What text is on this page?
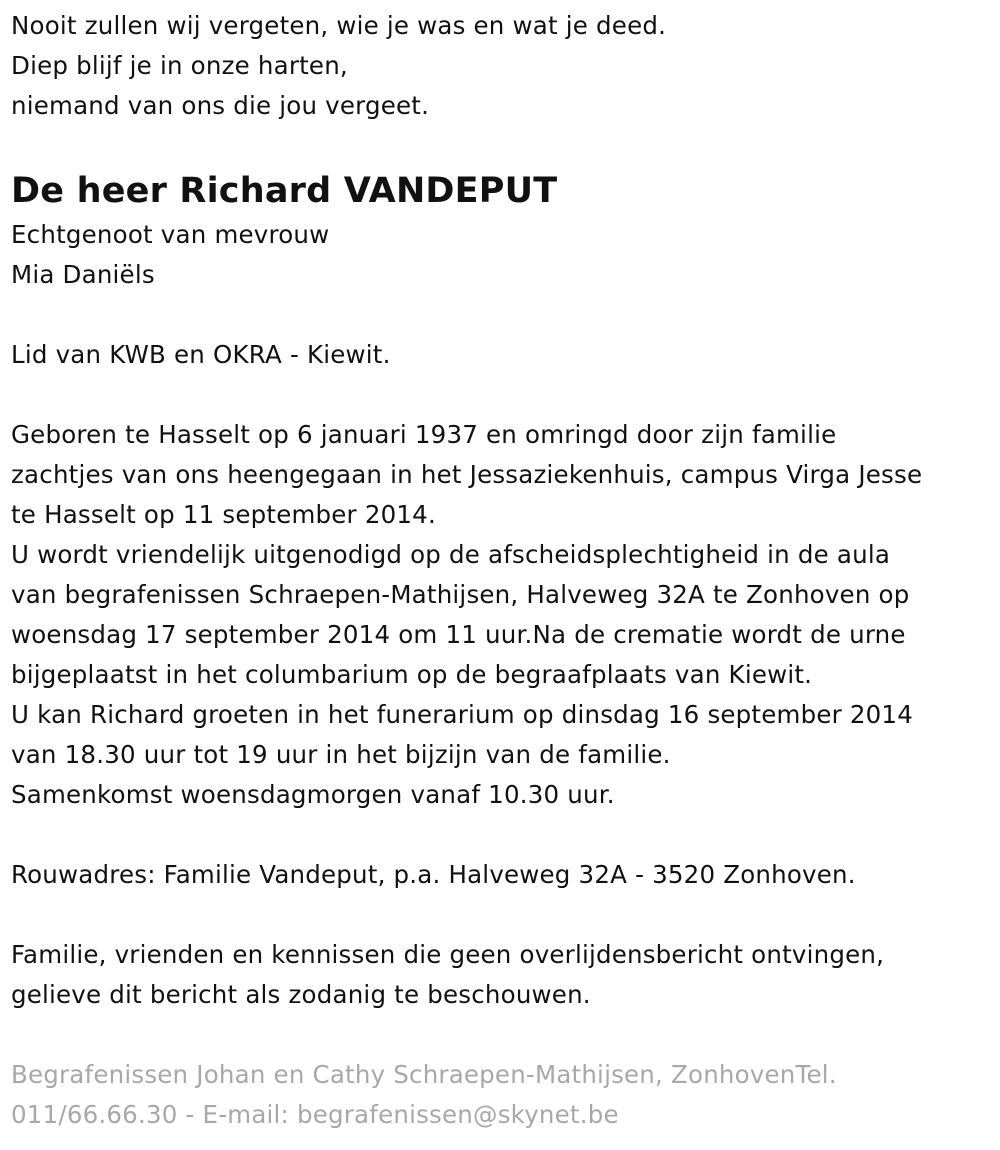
Nooit zullen wij vergeten, wie je was en wat je deed.
Diep blijf je in onze harten,
niemand van ons die jou vergeet.
De heer Richard VANDEPUT
Echtgenoot van mevrouw
Mia Daniëls
Lid van KWB en OKRA - Kiewit.
Geboren te Hasselt op 6 januari 1937 en omringd door zijn familie
zachtjes van ons heengegaan in het Jessaziekenhuis, campus Virga Jesse
te Hasselt op 11 september 2014.
U wordt vriendelijk uitgenodigd op de afscheidsplechtigheid in de aula
van begrafenissen Schraepen-Mathijsen, Halveweg 32A te Zonhoven op
woensdag 17 september 2014 om 11 uur.Na de crematie wordt de urne
bijgeplaatst in het columbarium op de begraafplaats van Kiewit.
U kan Richard groeten in het funerarium op dinsdag 16 september 2014
van 18.30 uur tot 19 uur in het bijzijn van de familie.
Samenkomst woensdagmorgen vanaf 10.30 uur.
Rouwadres: Familie Vandeput, p.a. Halveweg 32A - 3520 Zonhoven.
Familie, vrienden en kennissen die geen overlijdensbericht ontvingen,
gelieve dit bericht als zodanig te beschouwen.
Begrafenissen Johan en Cathy Schraepen-Mathijsen, ZonhovenTel.
011/66.66.30 - E-mail: begrafenissen@skynet.be
